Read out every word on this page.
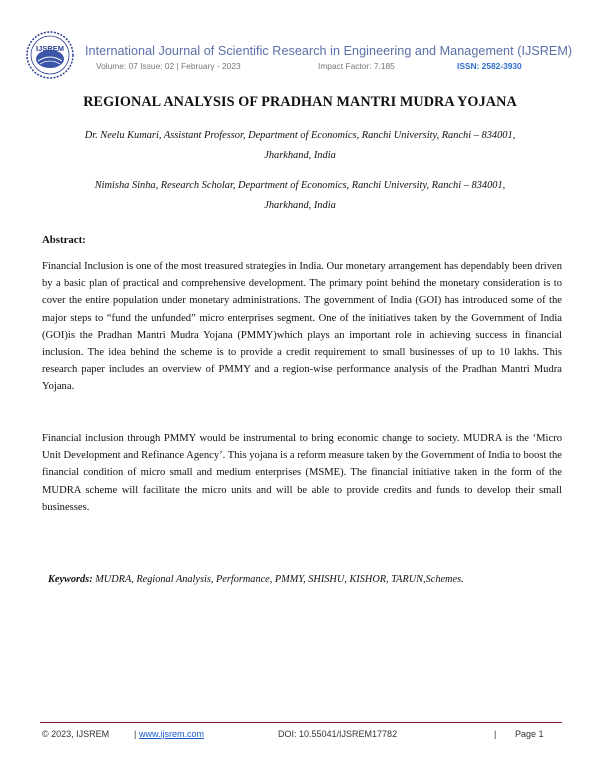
IJSREM International Journal of Scientific Research in Engineering and Management (IJSREM)
Volume: 07 Issue: 02 | February - 2023	Impact Factor: 7.185	ISSN: 2582-3930
REGIONAL ANALYSIS OF PRADHAN MANTRI MUDRA YOJANA
Dr. Neelu Kumari, Assistant Professor, Department of Economics, Ranchi University, Ranchi – 834001,
Jharkhand, India
Nimisha Sinha, Research Scholar, Department of Economics, Ranchi University, Ranchi – 834001,
Jharkhand, India
Abstract:

Financial Inclusion is one of the most treasured strategies in India. Our monetary arrangement has dependably been driven by a basic plan of practical and comprehensive development. The primary point behind the monetary consideration is to cover the entire population under monetary administrations. The government of India (GOI) has introduced some of the major steps to “fund the unfunded” micro enterprises segment. One of the initiatives taken by the Government of India (GOI)is the Pradhan Mantri Mudra Yojana (PMMY)which plays an important role in achieving success in financial inclusion. The idea behind the scheme is to provide a credit requirement to small businesses of up to 10 lakhs. This research paper includes an overview of PMMY and a region-wise performance analysis of the Pradhan Mantri Mudra Yojana.

Financial inclusion through PMMY would be instrumental to bring economic change to society. MUDRA is the ‘Micro Unit Development and Refinance Agency’. This yojana is a reform measure taken by the Government of India to boost the financial condition of micro small and medium enterprises (MSME). The financial initiative taken in the form of the MUDRA scheme will facilitate the micro units and will be able to provide credits and funds to develop their small businesses.

Keywords: MUDRA, Regional Analysis, Performance, PMMY, SHISHU, KISHOR, TARUN,Schemes.
© 2023, IJSREM	| www.ijsrem.com	DOI: 10.55041/IJSREM17782	| Page 1
